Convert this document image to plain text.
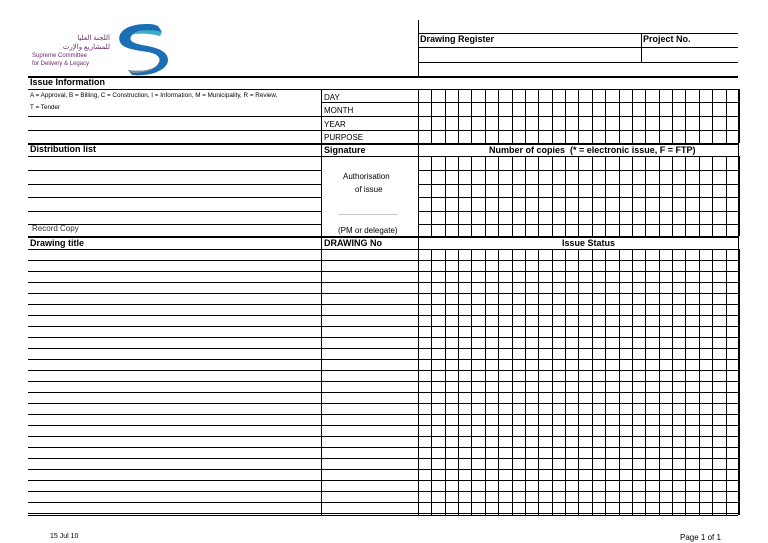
اللجنة العليا
للمشاريع والإرث
Supreme Committee
for Delivery & Legacy
Drawing Register	Project No.
Issue Information
A = Approval, B = Billing, C = Construction, I = Information, M = Municipality, R = Review,
T = Tender
DAY
MONTH
YEAR
PURPOSE
Distribution list	Signature	Number of copies (* = electronic issue, F = FTP)
Authorisation
of issue
…………………………
(PM or delegate)
Record Copy
Drawing title	DRAWING No	Issue Status
15 Jul 10	Page 1 of 1
